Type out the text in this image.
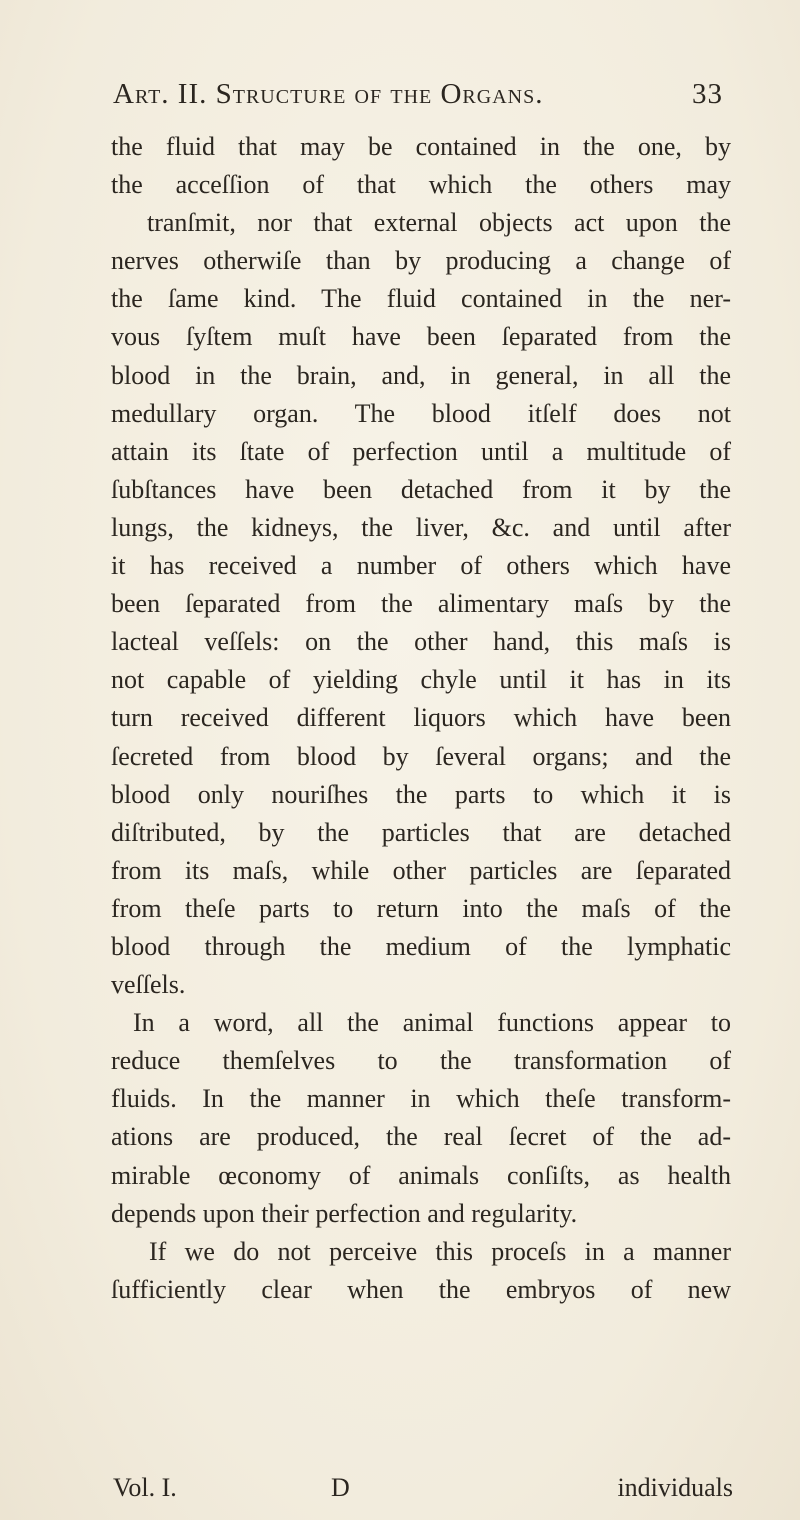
Art. II. Structure of the Organs.	33
the fluid that may be contained in the one, by
the acceſſion of that which the others may
tranſmit, nor that external objects act upon the
nerves otherwiſe than by producing a change of
the ſame kind. The fluid contained in the ner-
vous ſyſtem muſt have been ſeparated from the
blood in the brain, and, in general, in all the
medullary organ. The blood itſelf does not
attain its ſtate of perfection until a multitude of
ſubſtances have been detached from it by the
lungs, the kidneys, the liver, &c. and until after
it has received a number of others which have
been ſeparated from the alimentary maſs by the
lacteal veſſels: on the other hand, this maſs is
not capable of yielding chyle until it has in its
turn received different liquors which have been
ſecreted from blood by ſeveral organs; and the
blood only nouriſhes the parts to which it is
diſtributed, by the particles that are detached
from its maſs, while other particles are ſeparated
from theſe parts to return into the maſs of the
blood through the medium of the lymphatic
veſſels.
In a word, all the animal functions appear to
reduce themſelves to the transformation of
fluids. In the manner in which theſe transform-
ations are produced, the real ſecret of the ad-
mirable œconomy of animals conſiſts, as health
depends upon their perfection and regularity.
If we do not perceive this proceſs in a manner
ſufficiently clear when the embryos of new
Vol. I.	D	individuals
